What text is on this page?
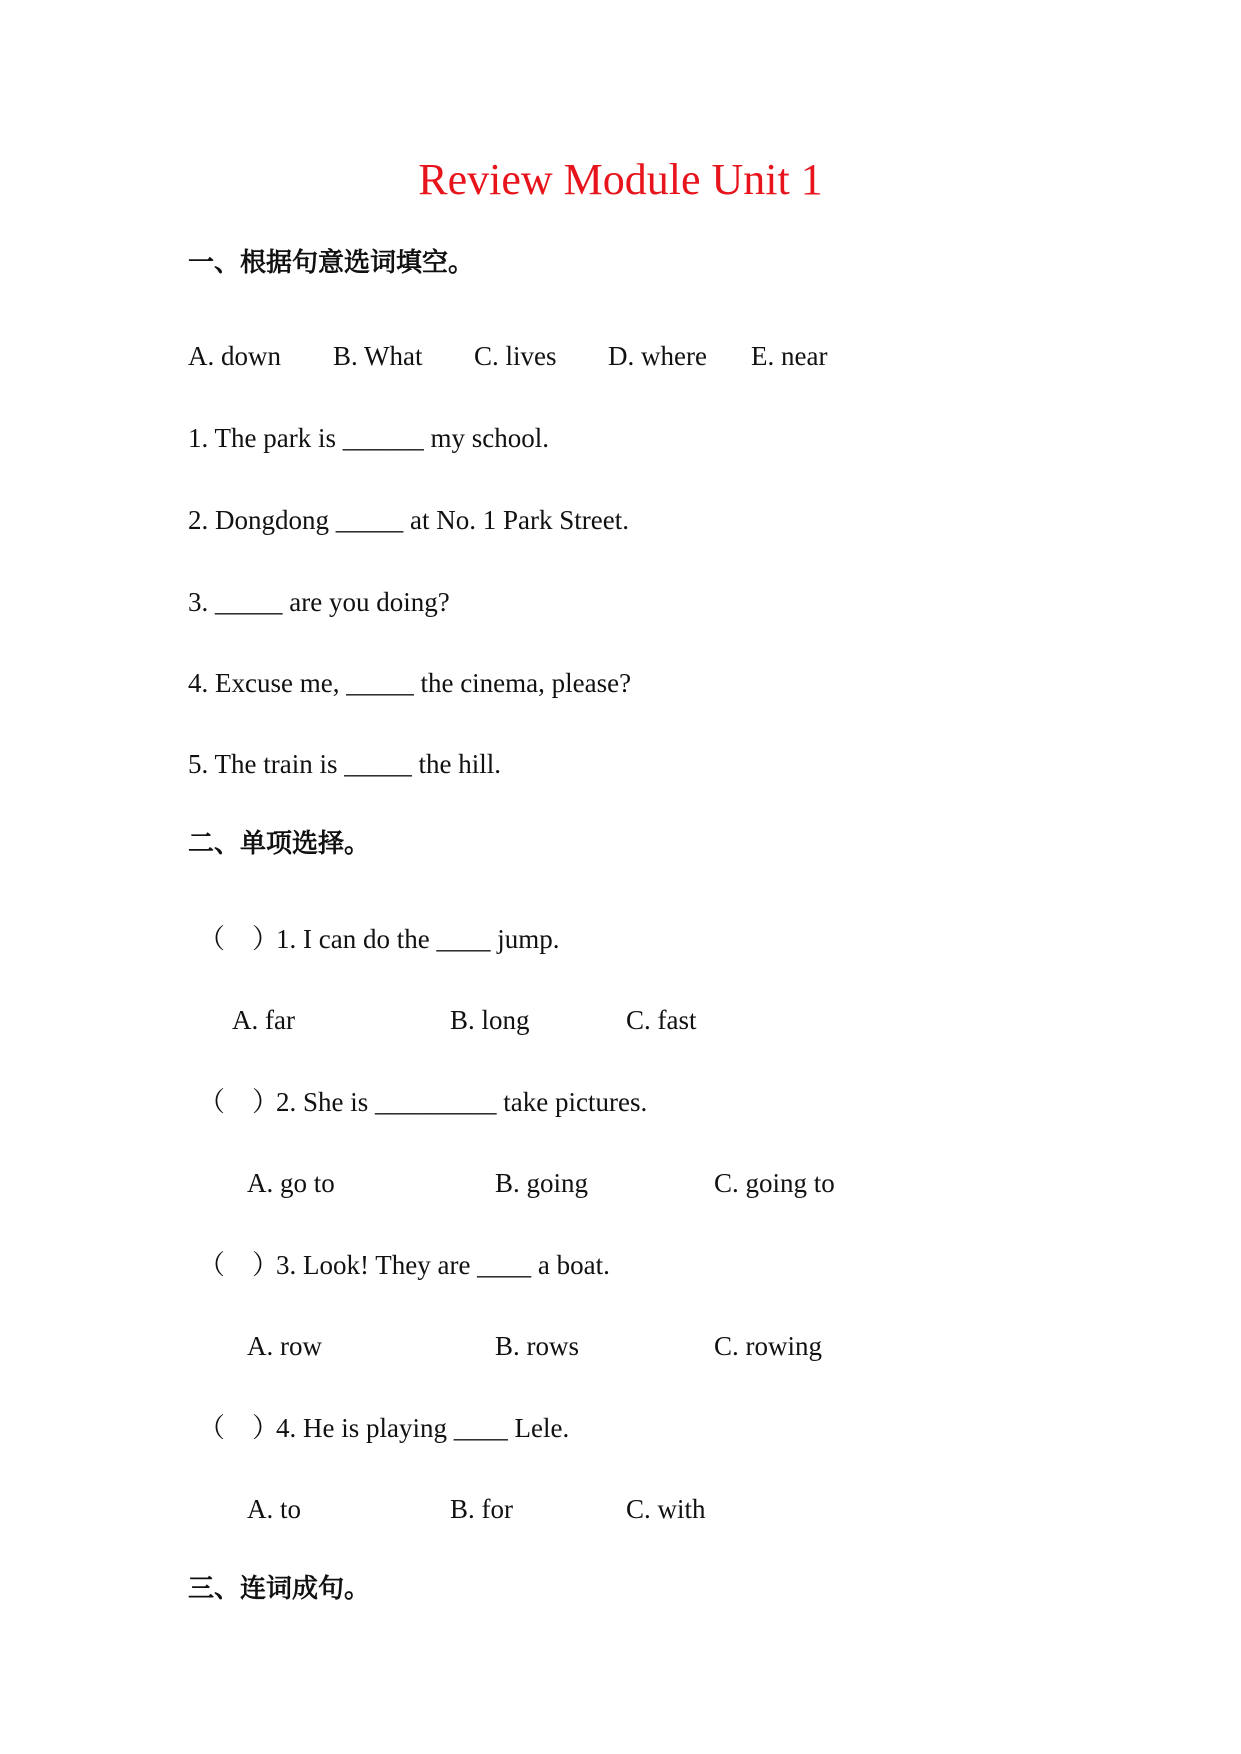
Review Module Unit 1
一、根据句意选词填空。
A. down B. What C. lives D. where E. near
1. The park is ______ my school.
2. Dongdong _____ at No. 1 Park Street.
3. _____ are you doing?
4. Excuse me, _____ the cinema, please?
5. The train is _____ the hill.
二、单项选择。
（    ）
1. I can do the ____ jump.
A. far	B. long	C. fast
（    ）
2. She is _________ take pictures.
A. go to	B. going	C. going to
（    ）
3. Look! They are ____ a boat.
A. row	B. rows	C. rowing
（    ）
4. He is playing ____ Lele.
A. to	B. for	C. with
三、连词成句。
